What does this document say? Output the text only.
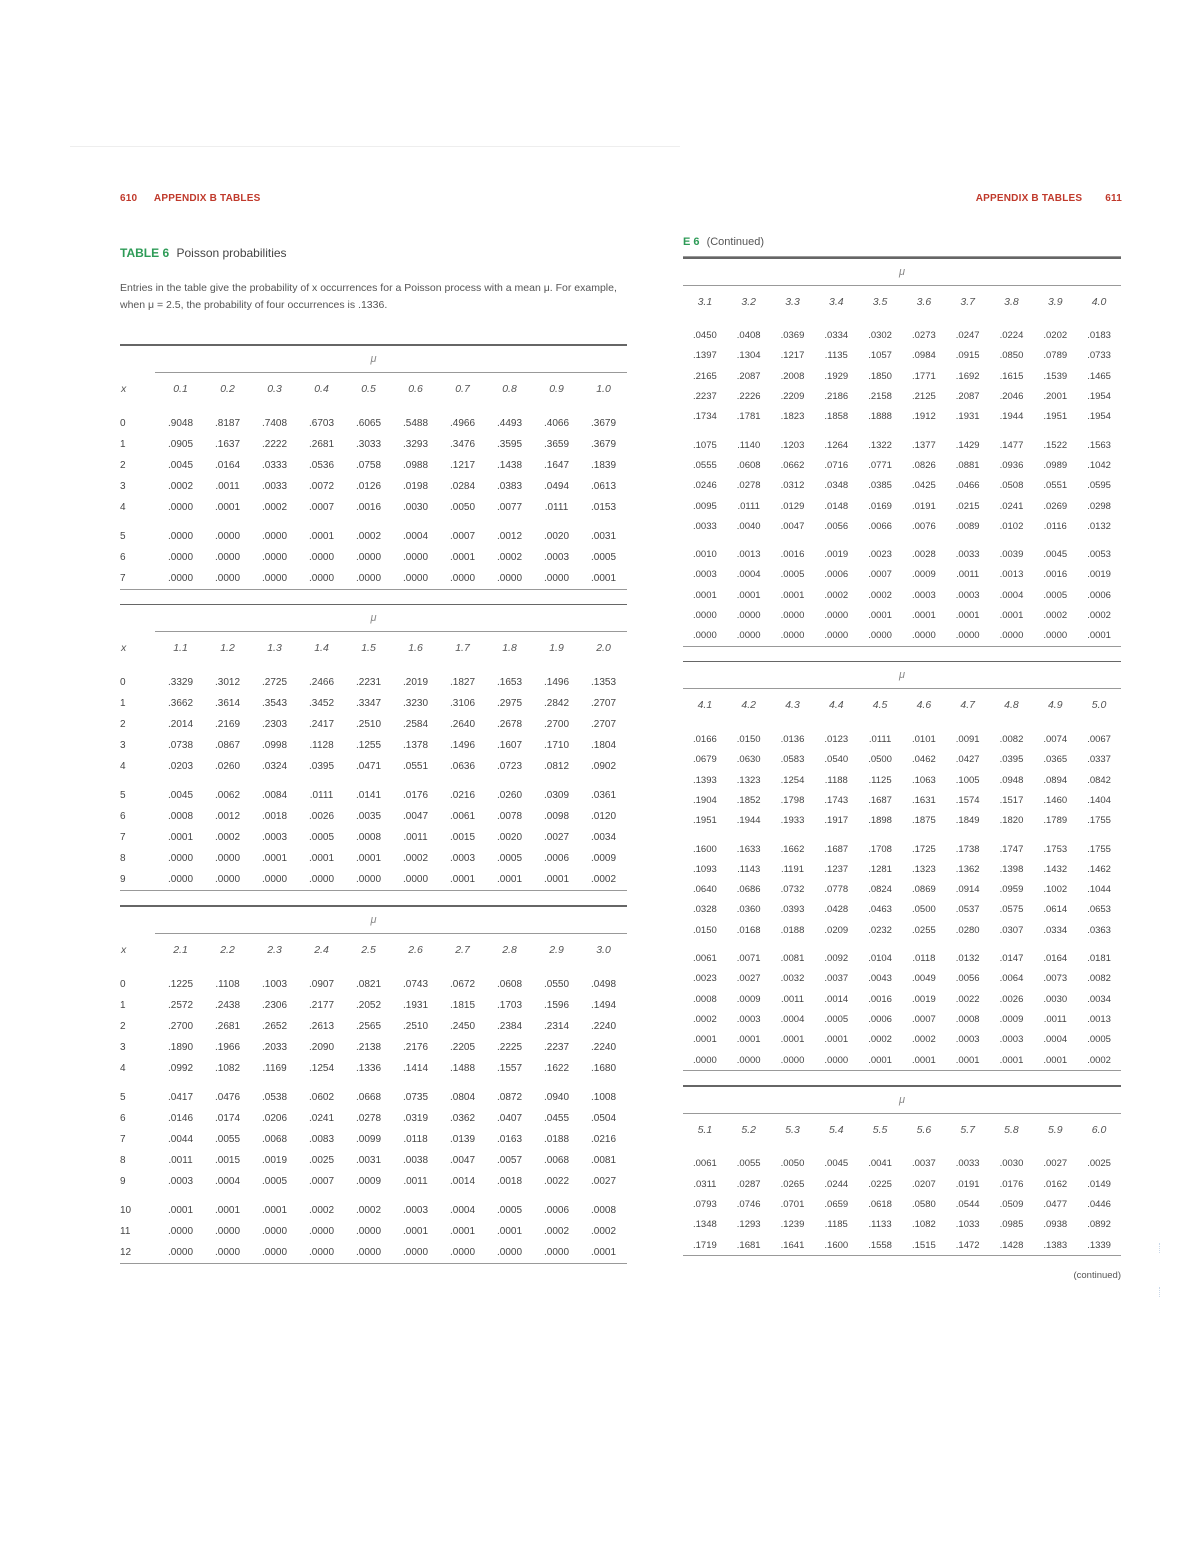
610 APPENDIX B TABLES	APPENDIX B TABLES 611
TABLE 6 Poisson probabilities
Entries in the table give the probability of x occurrences for a Poisson process with a mean μ. For example, when μ = 2.5, the probability of four occurrences is .1336.
μ
x	0.1	0.2	0.3	0.4	0.5	0.6	0.7	0.8	0.9	1.0
0	.9048	.8187	.7408	.6703	.6065	.5488	.4966	.4493	.4066	.3679
1	.0905	.1637	.2222	.2681	.3033	.3293	.3476	.3595	.3659	.3679
2	.0045	.0164	.0333	.0536	.0758	.0988	.1217	.1438	.1647	.1839
3	.0002	.0011	.0033	.0072	.0126	.0198	.0284	.0383	.0494	.0613
4	.0000	.0001	.0002	.0007	.0016	.0030	.0050	.0077	.0111	.0153
5	.0000	.0000	.0000	.0001	.0002	.0004	.0007	.0012	.0020	.0031
6	.0000	.0000	.0000	.0000	.0000	.0000	.0001	.0002	.0003	.0005
7	.0000	.0000	.0000	.0000	.0000	.0000	.0000	.0000	.0000	.0001
μ
x	1.1	1.2	1.3	1.4	1.5	1.6	1.7	1.8	1.9	2.0
0	.3329	.3012	.2725	.2466	.2231	.2019	.1827	.1653	.1496	.1353
1	.3662	.3614	.3543	.3452	.3347	.3230	.3106	.2975	.2842	.2707
2	.2014	.2169	.2303	.2417	.2510	.2584	.2640	.2678	.2700	.2707
3	.0738	.0867	.0998	.1128	.1255	.1378	.1496	.1607	.1710	.1804
4	.0203	.0260	.0324	.0395	.0471	.0551	.0636	.0723	.0812	.0902
5	.0045	.0062	.0084	.0111	.0141	.0176	.0216	.0260	.0309	.0361
6	.0008	.0012	.0018	.0026	.0035	.0047	.0061	.0078	.0098	.0120
7	.0001	.0002	.0003	.0005	.0008	.0011	.0015	.0020	.0027	.0034
8	.0000	.0000	.0001	.0001	.0001	.0002	.0003	.0005	.0006	.0009
9	.0000	.0000	.0000	.0000	.0000	.0000	.0001	.0001	.0001	.0002
μ
x	2.1	2.2	2.3	2.4	2.5	2.6	2.7	2.8	2.9	3.0
0	.1225	.1108	.1003	.0907	.0821	.0743	.0672	.0608	.0550	.0498
1	.2572	.2438	.2306	.2177	.2052	.1931	.1815	.1703	.1596	.1494
2	.2700	.2681	.2652	.2613	.2565	.2510	.2450	.2384	.2314	.2240
3	.1890	.1966	.2033	.2090	.2138	.2176	.2205	.2225	.2237	.2240
4	.0992	.1082	.1169	.1254	.1336	.1414	.1488	.1557	.1622	.1680
5	.0417	.0476	.0538	.0602	.0668	.0735	.0804	.0872	.0940	.1008
6	.0146	.0174	.0206	.0241	.0278	.0319	.0362	.0407	.0455	.0504
7	.0044	.0055	.0068	.0083	.0099	.0118	.0139	.0163	.0188	.0216
8	.0011	.0015	.0019	.0025	.0031	.0038	.0047	.0057	.0068	.0081
9	.0003	.0004	.0005	.0007	.0009	.0011	.0014	.0018	.0022	.0027
10	.0001	.0001	.0001	.0002	.0002	.0003	.0004	.0005	.0006	.0008
11	.0000	.0000	.0000	.0000	.0000	.0001	.0001	.0001	.0002	.0002
12	.0000	.0000	.0000	.0000	.0000	.0000	.0000	.0000	.0000	.0001
E 6 (Continued)
μ
3.1	3.2	3.3	3.4	3.5	3.6	3.7	3.8	3.9	4.0
.0450	.0408	.0369	.0334	.0302	.0273	.0247	.0224	.0202	.0183
.1397	.1304	.1217	.1135	.1057	.0984	.0915	.0850	.0789	.0733
.2165	.2087	.2008	.1929	.1850	.1771	.1692	.1615	.1539	.1465
.2237	.2226	.2209	.2186	.2158	.2125	.2087	.2046	.2001	.1954
.1734	.1781	.1823	.1858	.1888	.1912	.1931	.1944	.1951	.1954
.1075	.1140	.1203	.1264	.1322	.1377	.1429	.1477	.1522	.1563
.0555	.0608	.0662	.0716	.0771	.0826	.0881	.0936	.0989	.1042
.0246	.0278	.0312	.0348	.0385	.0425	.0466	.0508	.0551	.0595
.0095	.0111	.0129	.0148	.0169	.0191	.0215	.0241	.0269	.0298
.0033	.0040	.0047	.0056	.0066	.0076	.0089	.0102	.0116	.0132
.0010	.0013	.0016	.0019	.0023	.0028	.0033	.0039	.0045	.0053
.0003	.0004	.0005	.0006	.0007	.0009	.0011	.0013	.0016	.0019
.0001	.0001	.0001	.0002	.0002	.0003	.0003	.0004	.0005	.0006
.0000	.0000	.0000	.0000	.0001	.0001	.0001	.0001	.0002	.0002
.0000	.0000	.0000	.0000	.0000	.0000	.0000	.0000	.0000	.0001
μ
4.1	4.2	4.3	4.4	4.5	4.6	4.7	4.8	4.9	5.0
.0166	.0150	.0136	.0123	.0111	.0101	.0091	.0082	.0074	.0067
.0679	.0630	.0583	.0540	.0500	.0462	.0427	.0395	.0365	.0337
.1393	.1323	.1254	.1188	.1125	.1063	.1005	.0948	.0894	.0842
.1904	.1852	.1798	.1743	.1687	.1631	.1574	.1517	.1460	.1404
.1951	.1944	.1933	.1917	.1898	.1875	.1849	.1820	.1789	.1755
.1600	.1633	.1662	.1687	.1708	.1725	.1738	.1747	.1753	.1755
.1093	.1143	.1191	.1237	.1281	.1323	.1362	.1398	.1432	.1462
.0640	.0686	.0732	.0778	.0824	.0869	.0914	.0959	.1002	.1044
.0328	.0360	.0393	.0428	.0463	.0500	.0537	.0575	.0614	.0653
.0150	.0168	.0188	.0209	.0232	.0255	.0280	.0307	.0334	.0363
.0061	.0071	.0081	.0092	.0104	.0118	.0132	.0147	.0164	.0181
.0023	.0027	.0032	.0037	.0043	.0049	.0056	.0064	.0073	.0082
.0008	.0009	.0011	.0014	.0016	.0019	.0022	.0026	.0030	.0034
.0002	.0003	.0004	.0005	.0006	.0007	.0008	.0009	.0011	.0013
.0001	.0001	.0001	.0001	.0002	.0002	.0003	.0003	.0004	.0005
.0000	.0000	.0000	.0000	.0001	.0001	.0001	.0001	.0001	.0002
μ
5.1	5.2	5.3	5.4	5.5	5.6	5.7	5.8	5.9	6.0
.0061	.0055	.0050	.0045	.0041	.0037	.0033	.0030	.0027	.0025
.0311	.0287	.0265	.0244	.0225	.0207	.0191	.0176	.0162	.0149
.0793	.0746	.0701	.0659	.0618	.0580	.0544	.0509	.0477	.0446
.1348	.1293	.1239	.1185	.1133	.1082	.1033	.0985	.0938	.0892
.1719	.1681	.1641	.1600	.1558	.1515	.1472	.1428	.1383	.1339
(continued)
